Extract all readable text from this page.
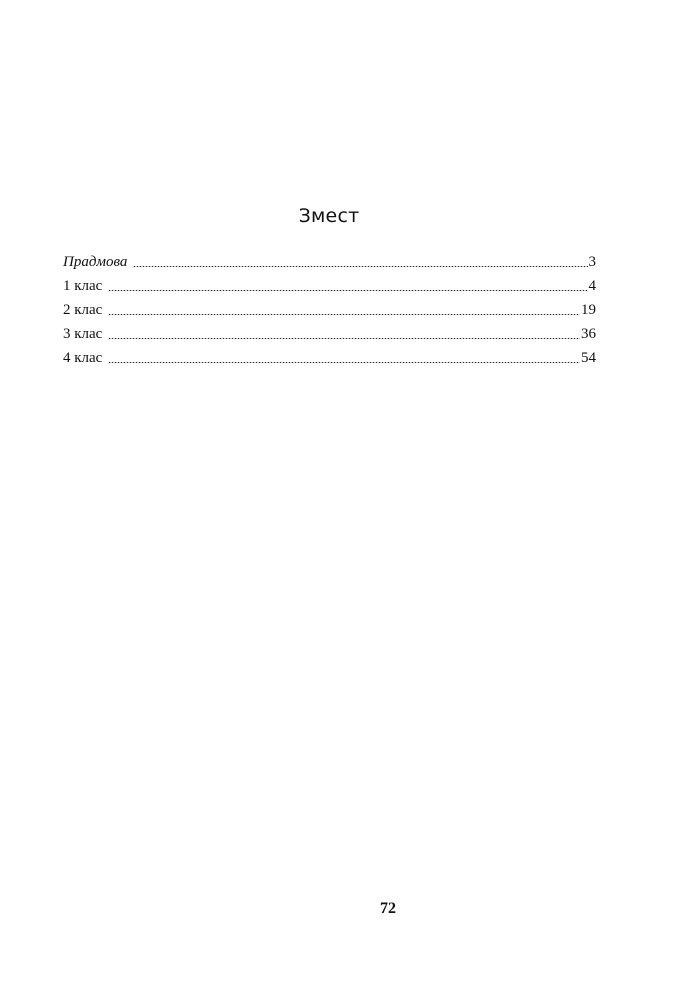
Змест
Прадмова	3
1 клас	4
2 клас	19
3 клас	36
4 клас	54
72
